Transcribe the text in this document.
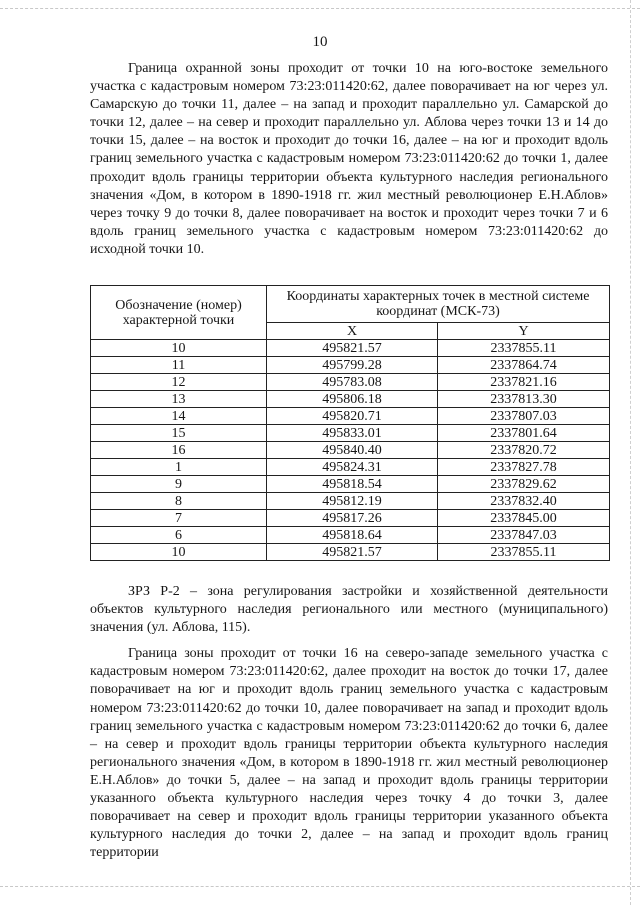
10

Граница охранной зоны проходит от точки 10 на юго-востоке земельного участка с кадастровым номером 73:23:011420:62, далее поворачивает на юг через ул. Самарскую до точки 11, далее – на запад и проходит параллельно ул. Самарской до точки 12, далее – на север и проходит параллельно ул. Аблова через точки 13 и 14 до точки 15, далее – на восток и проходит до точки 16, далее – на юг и проходит вдоль границ земельного участка с кадастровым номером 73:23:011420:62 до точки 1, далее проходит вдоль границы территории объекта культурного наследия регионального значения «Дом, в котором в 1890-1918 гг. жил местный революционер Е.Н.Аблов» через точку 9 до точки 8, далее поворачивает на восток и проходит через точки 7 и 6 вдоль границ земельного участка с кадастровым номером 73:23:011420:62 до исходной точки 10.

Обозначение (номер) характерной точки	Координаты характерных точек в местной системе координат (МСК-73)	
	X	Y
10	495821.57	2337855.11
11	495799.28	2337864.74
12	495783.08	2337821.16
13	495806.18	2337813.30
14	495820.71	2337807.03
15	495833.01	2337801.64
16	495840.40	2337820.72
1	495824.31	2337827.78
9	495818.54	2337829.62
8	495812.19	2337832.40
7	495817.26	2337845.00
6	495818.64	2337847.03
10	495821.57	2337855.11

ЗРЗ Р-2 – зона регулирования застройки и хозяйственной деятельности объектов культурного наследия регионального или местного (муниципального) значения (ул. Аблова, 115).

Граница зоны проходит от точки 16 на северо-западе земельного участка с кадастровым номером 73:23:011420:62, далее проходит на восток до точки 17, далее поворачивает на юг и проходит вдоль границ земельного участка с кадастровым номером 73:23:011420:62 до точки 10, далее поворачивает на запад и проходит вдоль границ земельного участка с кадастровым номером 73:23:011420:62 до точки 6, далее – на север и проходит вдоль границы территории объекта культурного наследия регионального значения «Дом, в котором в 1890-1918 гг. жил местный революционер Е.Н.Аблов» до точки 5, далее – на запад и проходит вдоль границы территории указанного объекта культурного наследия через точку 4 до точки 3, далее поворачивает на север и проходит вдоль границы территории указанного объекта культурного наследия до точки 2, далее – на запад и проходит вдоль границ территории
